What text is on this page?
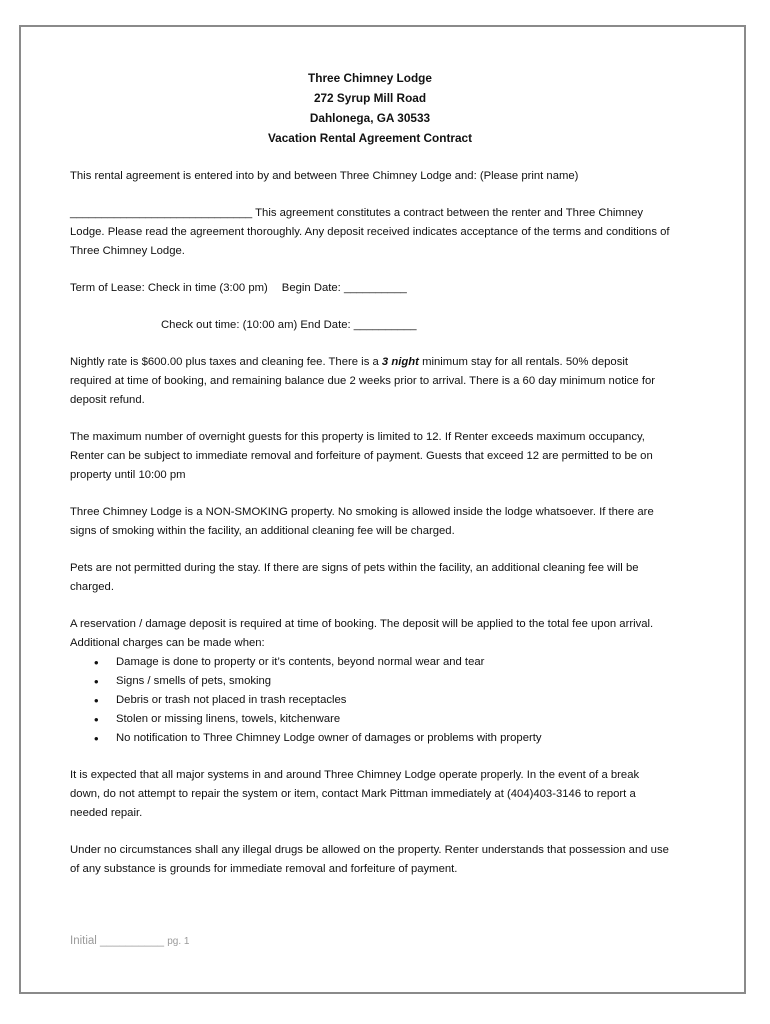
Three Chimney Lodge
272 Syrup Mill Road
Dahlonega, GA 30533
Vacation Rental Agreement Contract

This rental agreement is entered into by and between Three Chimney Lodge and: (Please print name)

_____________________________ This agreement constitutes a contract between the renter and Three Chimney Lodge. Please read the agreement thoroughly. Any deposit received indicates acceptance of the terms and conditions of Three Chimney Lodge.

Term of Lease: Check in time (3:00 pm) Begin Date: __________

Check out time: (10:00 am) End Date: __________

Nightly rate is $600.00 plus taxes and cleaning fee. There is a 3 night minimum stay for all rentals. 50% deposit required at time of booking, and remaining balance due 2 weeks prior to arrival. There is a 60 day minimum notice for deposit refund.

The maximum number of overnight guests for this property is limited to 12. If Renter exceeds maximum occupancy, Renter can be subject to immediate removal and forfeiture of payment. Guests that exceed 12 are permitted to be on property until 10:00 pm

Three Chimney Lodge is a NON-SMOKING property. No smoking is allowed inside the lodge whatsoever. If there are signs of smoking within the facility, an additional cleaning fee will be charged.

Pets are not permitted during the stay. If there are signs of pets within the facility, an additional cleaning fee will be charged.

A reservation / damage deposit is required at time of booking. The deposit will be applied to the total fee upon arrival. Additional charges can be made when:

• Damage is done to property or it’s contents, beyond normal wear and tear
• Signs / smells of pets, smoking
• Debris or trash not placed in trash receptacles
• Stolen or missing linens, towels, kitchenware
• No notification to Three Chimney Lodge owner of damages or problems with property

It is expected that all major systems in and around Three Chimney Lodge operate properly. In the event of a break down, do not attempt to repair the system or item, contact Mark Pittman immediately at (404)403-3146 to report a needed repair.

Under no circumstances shall any illegal drugs be allowed on the property. Renter understands that possession and use of any substance is grounds for immediate removal and forfeiture of payment.

Initial __________ pg. 1
